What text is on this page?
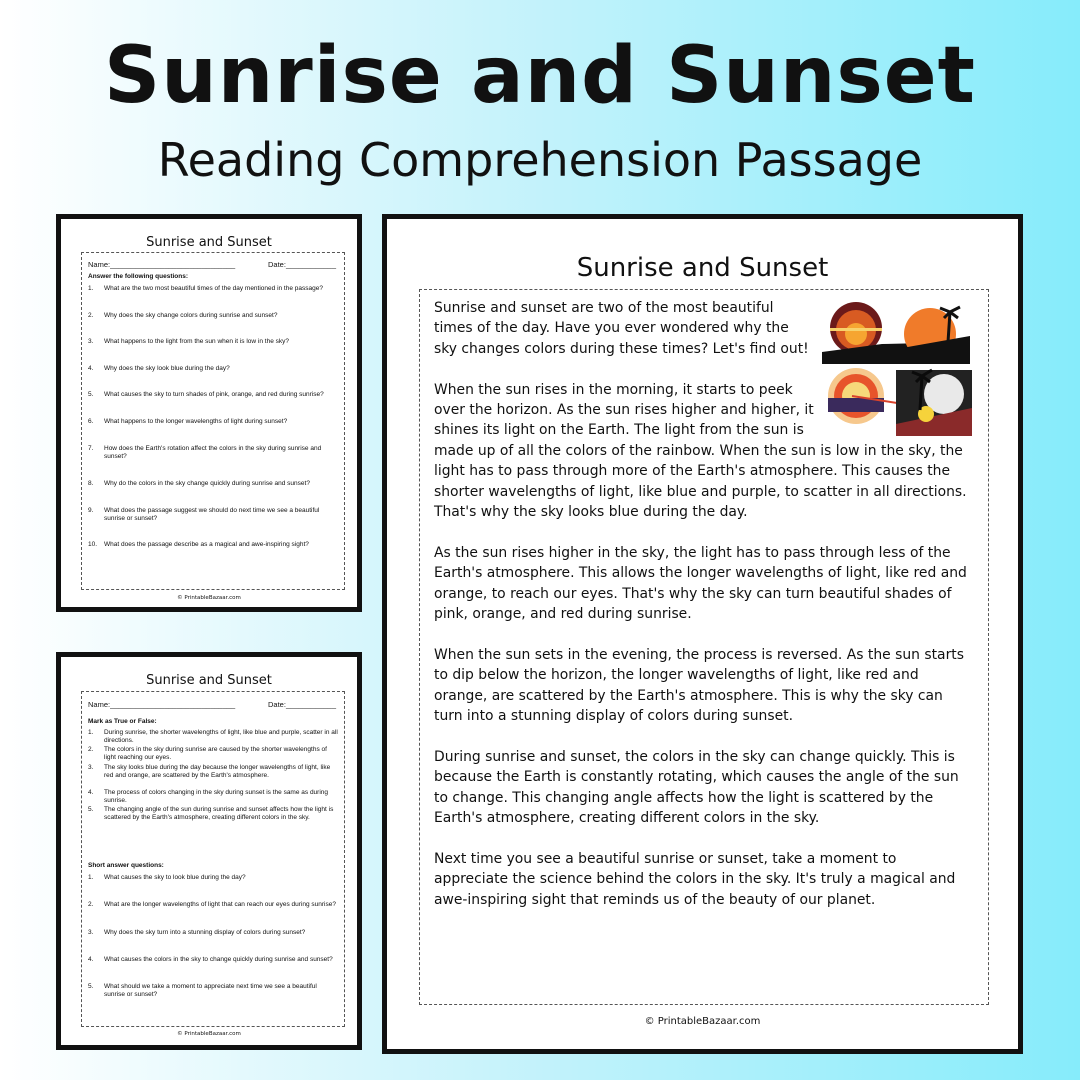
Sunrise and Sunset
Reading Comprehension Passage
Sunrise and Sunset
Name:______________________________	Date:____________
Answer the following questions:
1. What are the two most beautiful times of the day mentioned in the passage?
2. Why does the sky change colors during sunrise and sunset?
3. What happens to the light from the sun when it is low in the sky?
4. Why does the sky look blue during the day?
5. What causes the sky to turn shades of pink, orange, and red during sunrise?
6. What happens to the longer wavelengths of light during sunset?
7. How does the Earth's rotation affect the colors in the sky during sunrise and sunset?
8. Why do the colors in the sky change quickly during sunrise and sunset?
9. What does the passage suggest we should do next time we see a beautiful sunrise or sunset?
10. What does the passage describe as a magical and awe-inspiring sight?
© PrintableBazaar.com
Sunrise and Sunset
Name:______________________________	Date:____________
Mark as True or False:
1. During sunrise, the shorter wavelengths of light, like blue and purple, scatter in all directions.
2. The colors in the sky during sunrise are caused by the shorter wavelengths of light reaching our eyes.
3. The sky looks blue during the day because the longer wavelengths of light, like red and orange, are scattered by the Earth's atmosphere.
4. The process of colors changing in the sky during sunset is the same as during sunrise.
5. The changing angle of the sun during sunrise and sunset affects how the light is scattered by the Earth's atmosphere, creating different colors in the sky.
Short answer questions:
1. What causes the sky to look blue during the day?
2. What are the longer wavelengths of light that can reach our eyes during sunrise?
3. Why does the sky turn into a stunning display of colors during sunset?
4. What causes the colors in the sky to change quickly during sunrise and sunset?
5. What should we take a moment to appreciate next time we see a beautiful sunrise or sunset?
© PrintableBazaar.com
Sunrise and Sunset

Sunrise and sunset are two of the most beautiful times of the day. Have you ever wondered why the sky changes colors during these times? Let's find out!

When the sun rises in the morning, it starts to peek over the horizon. As the sun rises higher and higher, it shines its light on the Earth. The light from the sun is made up of all the colors of the rainbow. When the sun is low in the sky, the light has to pass through more of the Earth's atmosphere. This causes the shorter wavelengths of light, like blue and purple, to scatter in all directions. That's why the sky looks blue during the day.

As the sun rises higher in the sky, the light has to pass through less of the Earth's atmosphere. This allows the longer wavelengths of light, like red and orange, to reach our eyes. That's why the sky can turn beautiful shades of pink, orange, and red during sunrise.

When the sun sets in the evening, the process is reversed. As the sun starts to dip below the horizon, the longer wavelengths of light, like red and orange, are scattered by the Earth's atmosphere. This is why the sky can turn into a stunning display of colors during sunset.

During sunrise and sunset, the colors in the sky can change quickly. This is because the Earth is constantly rotating, which causes the angle of the sun to change. This changing angle affects how the light is scattered by the Earth's atmosphere, creating different colors in the sky.

Next time you see a beautiful sunrise or sunset, take a moment to appreciate the science behind the colors in the sky. It's truly a magical and awe-inspiring sight that reminds us of the beauty of our planet.

© PrintableBazaar.com
